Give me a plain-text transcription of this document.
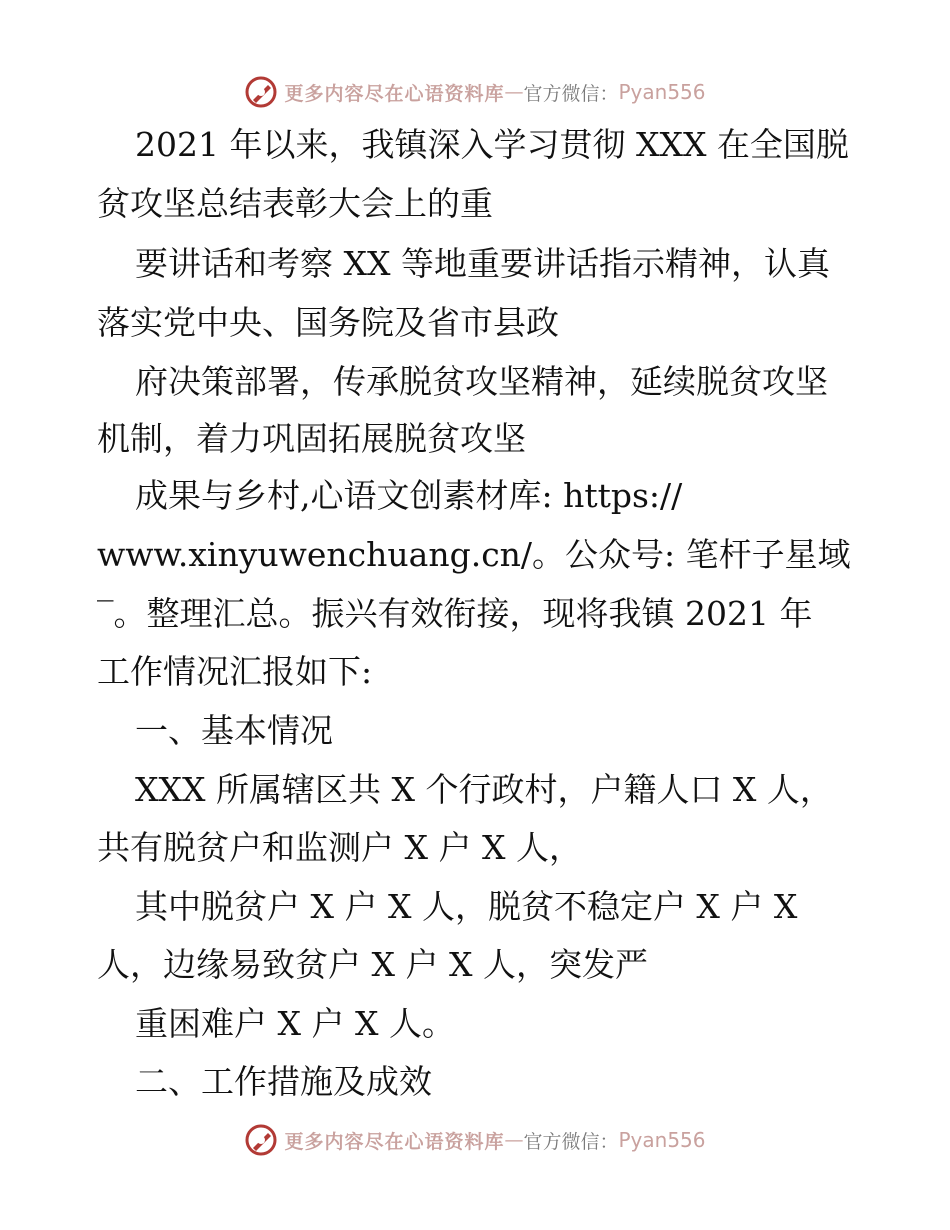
更多内容尽在心语资料库 — 官方微信： Pyan556
2021 年以来，我镇深入学习贯彻 XXX 在全国脱
贫攻坚总结表彰大会上的重
要讲话和考察 XX 等地重要讲话指示精神，认真
落实党中央、国务院及省市县政
府决策部署，传承脱贫攻坚精神，延续脱贫攻坚
机制，着力巩固拓展脱贫攻坚
成果与乡村,心语文创素材库: https://
www.xinyuwenchuang.cn/。公众号: 笔杆子星域
‾。整理汇总。振兴有效衔接，现将我镇 2021 年
工作情况汇报如下:
一、基本情况
XXX 所属辖区共 X 个行政村，户籍人口 X 人，
共有脱贫户和监测户 X 户 X 人，
其中脱贫户 X 户 X 人，脱贫不稳定户 X 户 X
人，边缘易致贫户 X 户 X 人，突发严
重困难户 X 户 X 人。
二、工作措施及成效
更多内容尽在心语资料库 — 官方微信： Pyan556
